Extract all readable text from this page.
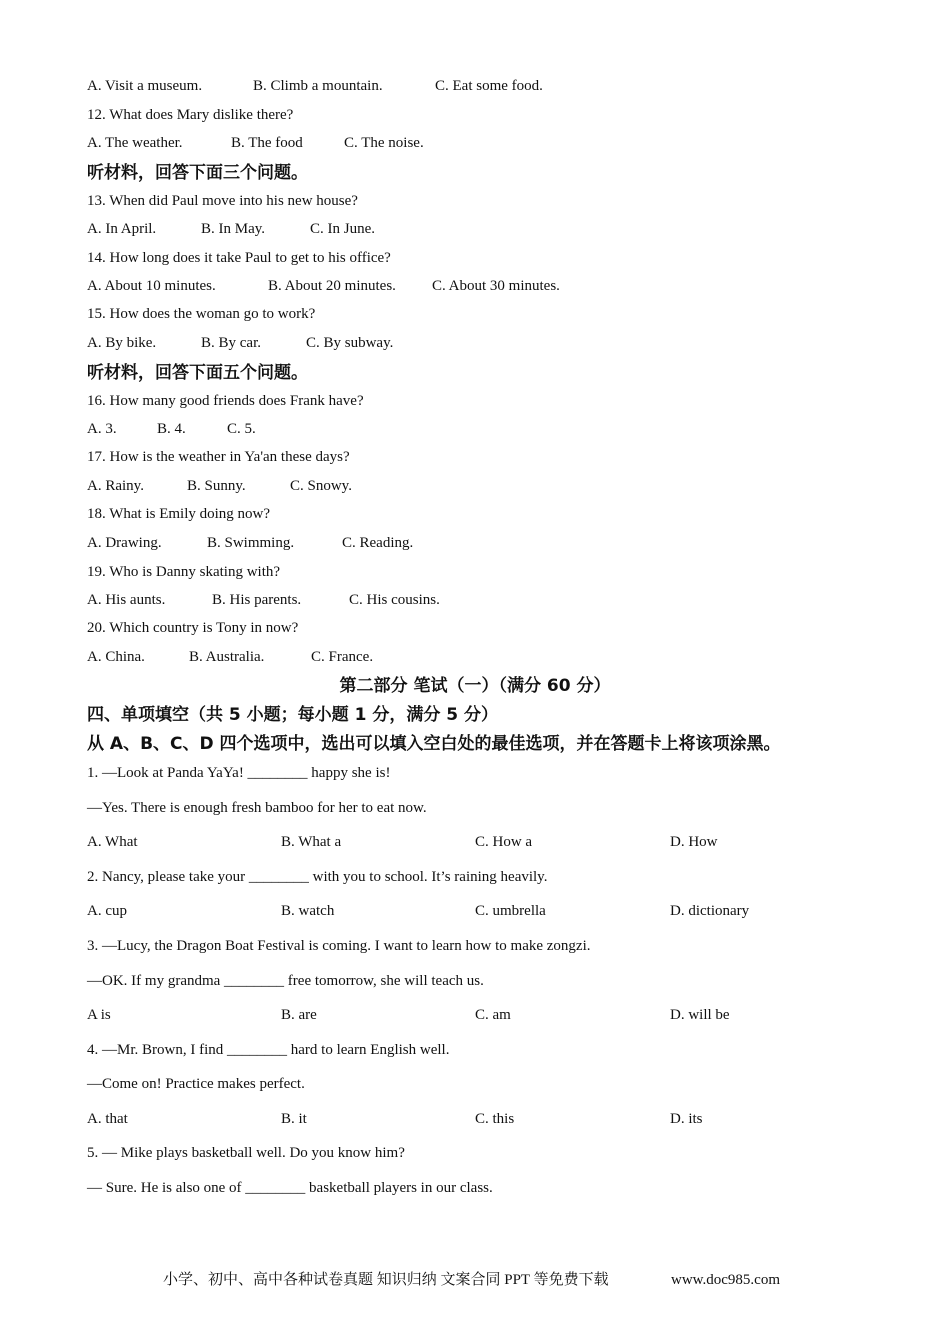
A. Visit a museum.	B. Climb a mountain.	C. Eat some food.
12. What does Mary dislike there?
A. The weather.	B. The food	C. The noise.
听材料，回答下面三个问题。
13. When did Paul move into his new house?
A. In April.	B. In May.	C. In June.
14. How long does it take Paul to get to his office?
A. About 10 minutes.	B. About 20 minutes. C. About 30 minutes.
15. How does the woman go to work?
A. By bike.	B. By car.	C. By subway.
听材料，回答下面五个问题。
16. How many good friends does Frank have?
A. 3.	B. 4.	C. 5.
17. How is the weather in Ya'an these days?
A. Rainy.	B. Sunny.	C. Snowy.
18. What is Emily doing now?
A. Drawing.	B. Swimming.	C. Reading.
19. Who is Danny skating with?
A. His aunts.	B. His parents.	C. His cousins.
20. Which country is Tony in now?
A. China.	B. Australia.	C. France.
1. —Look at Panda YaYa! ________ happy she is!
—Yes. There is enough fresh bamboo for her to eat now.
A. What	B. What a	C. How a	D. How
2. Nancy, please take your ________ with you to school. It’s raining heavily.
A. cup	B. watch	C. umbrella	D. dictionary
3. —Lucy, the Dragon Boat Festival is coming. I want to learn how to make zongzi.
—OK. If my grandma ________ free tomorrow, she will teach us.
A is	B. are	C. am	D. will be
4. —Mr. Brown, I find ________ hard to learn English well.
—Come on! Practice makes perfect.
A. that	B. it	C. this	D. its
5. — Mike plays basketball well. Do you know him?
— Sure. He is also one of ________ basketball players in our class.
第二部分 笔试（一）（满分 60 分）
四、单项填空（共 5 小题；每小题 1 分，满分 5 分）
从 A、B、C、D 四个选项中，选出可以填入空白处的最佳选项，并在答题卡上将该项涂黑。
小学、初中、高中各种试卷真题 知识归纳 文案合同 PPT 等免费下载	www.doc985.com
